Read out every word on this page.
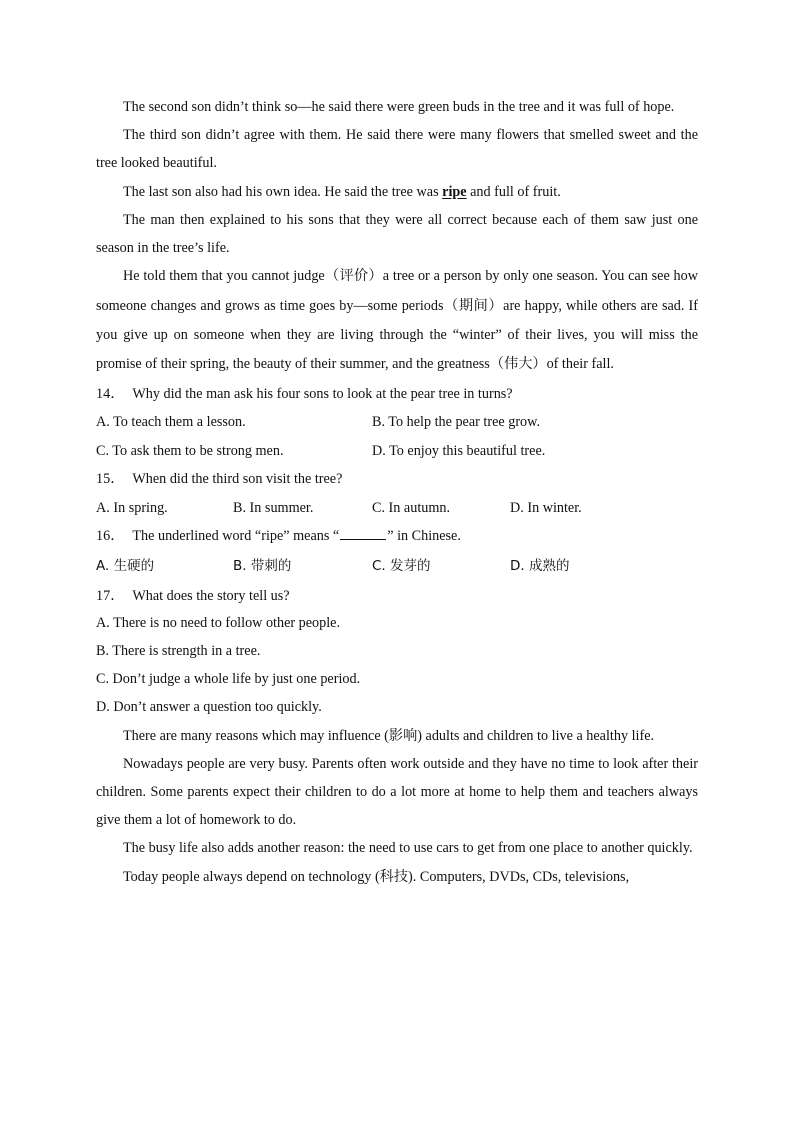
The second son didn’t think so—he said there were green buds in the tree and it was full of hope.

The third son didn’t agree with them. He said there were many flowers that smelled sweet and the tree looked beautiful.

The last son also had his own idea. He said the tree was ripe and full of fruit.

The man then explained to his sons that they were all correct because each of them saw just one season in the tree’s life.

He told them that you cannot judge（评价）a tree or a person by only one season. You can see how someone changes and grows as time goes by—some periods（期间）are happy, while others are sad. If you give up on someone when they are living through the “winter” of their lives, you will miss the promise of their spring, the beauty of their summer, and the greatness（伟大）of their fall.

14． Why did the man ask his four sons to look at the pear tree in turns?

A. To teach them a lesson.	B. To help the pear tree grow.
C. To ask them to be strong men.	D. To enjoy this beautiful tree.

15． When did the third son visit the tree?

A. In spring.	B. In summer.	C. In autumn.	D. In winter.

16． The underlined word “ripe” means “	” in Chinese.

A. 生硬的	B. 带刺的	C. 发芽的	D. 成熟的

17． What does the story tell us?

A. There is no need to follow other people.

B. There is strength in a tree.

C. Don’t judge a whole life by just one period.

D. Don’t answer a question too quickly.

There are many reasons which may influence (影响) adults and children to live a healthy life.

Nowadays people are very busy. Parents often work outside and they have no time to look after their children. Some parents expect their children to do a lot more at home to help them and teachers always give them a lot of homework to do.

The busy life also adds another reason: the need to use cars to get from one place to another quickly.

Today people always depend on technology (科技). Computers, DVDs, CDs, televisions,
